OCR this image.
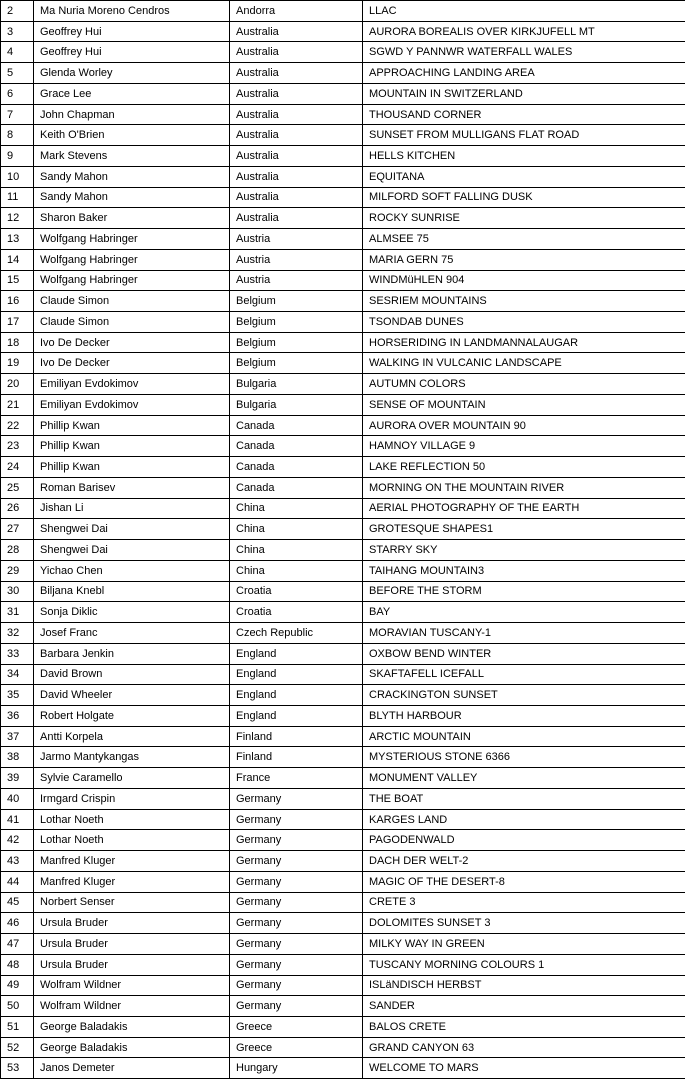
2	Ma Nuria Moreno Cendros	Andorra	LLAC
3	Geoffrey Hui	Australia	AURORA BOREALIS OVER KIRKJUFELL MT
4	Geoffrey Hui	Australia	SGWD Y PANNWR WATERFALL WALES
5	Glenda Worley	Australia	APPROACHING LANDING AREA
6	Grace Lee	Australia	MOUNTAIN IN SWITZERLAND
7	John Chapman	Australia	THOUSAND CORNER
8	Keith O'Brien	Australia	SUNSET FROM MULLIGANS FLAT ROAD
9	Mark Stevens	Australia	HELLS KITCHEN
10	Sandy Mahon	Australia	EQUITANA
11	Sandy Mahon	Australia	MILFORD SOFT FALLING DUSK
12	Sharon Baker	Australia	ROCKY SUNRISE
13	Wolfgang Habringer	Austria	ALMSEE 75
14	Wolfgang Habringer	Austria	MARIA GERN 75
15	Wolfgang Habringer	Austria	WINDMüHLEN 904
16	Claude Simon	Belgium	SESRIEM MOUNTAINS
17	Claude Simon	Belgium	TSONDAB DUNES
18	Ivo De Decker	Belgium	HORSERIDING IN LANDMANNALAUGAR
19	Ivo De Decker	Belgium	WALKING IN VULCANIC LANDSCAPE
20	Emiliyan Evdokimov	Bulgaria	AUTUMN COLORS
21	Emiliyan Evdokimov	Bulgaria	SENSE OF MOUNTAIN
22	Phillip Kwan	Canada	AURORA OVER MOUNTAIN 90
23	Phillip Kwan	Canada	HAMNOY VILLAGE 9
24	Phillip Kwan	Canada	LAKE REFLECTION 50
25	Roman Barisev	Canada	MORNING ON THE MOUNTAIN RIVER
26	Jishan Li	China	AERIAL PHOTOGRAPHY OF THE EARTH
27	Shengwei Dai	China	GROTESQUE SHAPES1
28	Shengwei Dai	China	STARRY SKY
29	Yichao Chen	China	TAIHANG MOUNTAIN3
30	Biljana Knebl	Croatia	BEFORE THE STORM
31	Sonja Diklic	Croatia	BAY
32	Josef Franc	Czech Republic	MORAVIAN TUSCANY-1
33	Barbara Jenkin	England	OXBOW BEND WINTER
34	David Brown	England	SKAFTAFELL ICEFALL
35	David Wheeler	England	CRACKINGTON SUNSET
36	Robert Holgate	England	BLYTH HARBOUR
37	Antti Korpela	Finland	ARCTIC MOUNTAIN
38	Jarmo Mantykangas	Finland	MYSTERIOUS STONE 6366
39	Sylvie Caramello	France	MONUMENT VALLEY
40	Irmgard Crispin	Germany	THE BOAT
41	Lothar Noeth	Germany	KARGES LAND
42	Lothar Noeth	Germany	PAGODENWALD
43	Manfred Kluger	Germany	DACH DER WELT-2
44	Manfred Kluger	Germany	MAGIC OF THE DESERT-8
45	Norbert Senser	Germany	CRETE 3
46	Ursula Bruder	Germany	DOLOMITES SUNSET 3
47	Ursula Bruder	Germany	MILKY WAY IN GREEN
48	Ursula Bruder	Germany	TUSCANY MORNING COLOURS 1
49	Wolfram Wildner	Germany	ISLäNDISCH HERBST
50	Wolfram Wildner	Germany	SANDER
51	George Baladakis	Greece	BALOS CRETE
52	George Baladakis	Greece	GRAND CANYON 63
53	Janos Demeter	Hungary	WELCOME TO MARS
